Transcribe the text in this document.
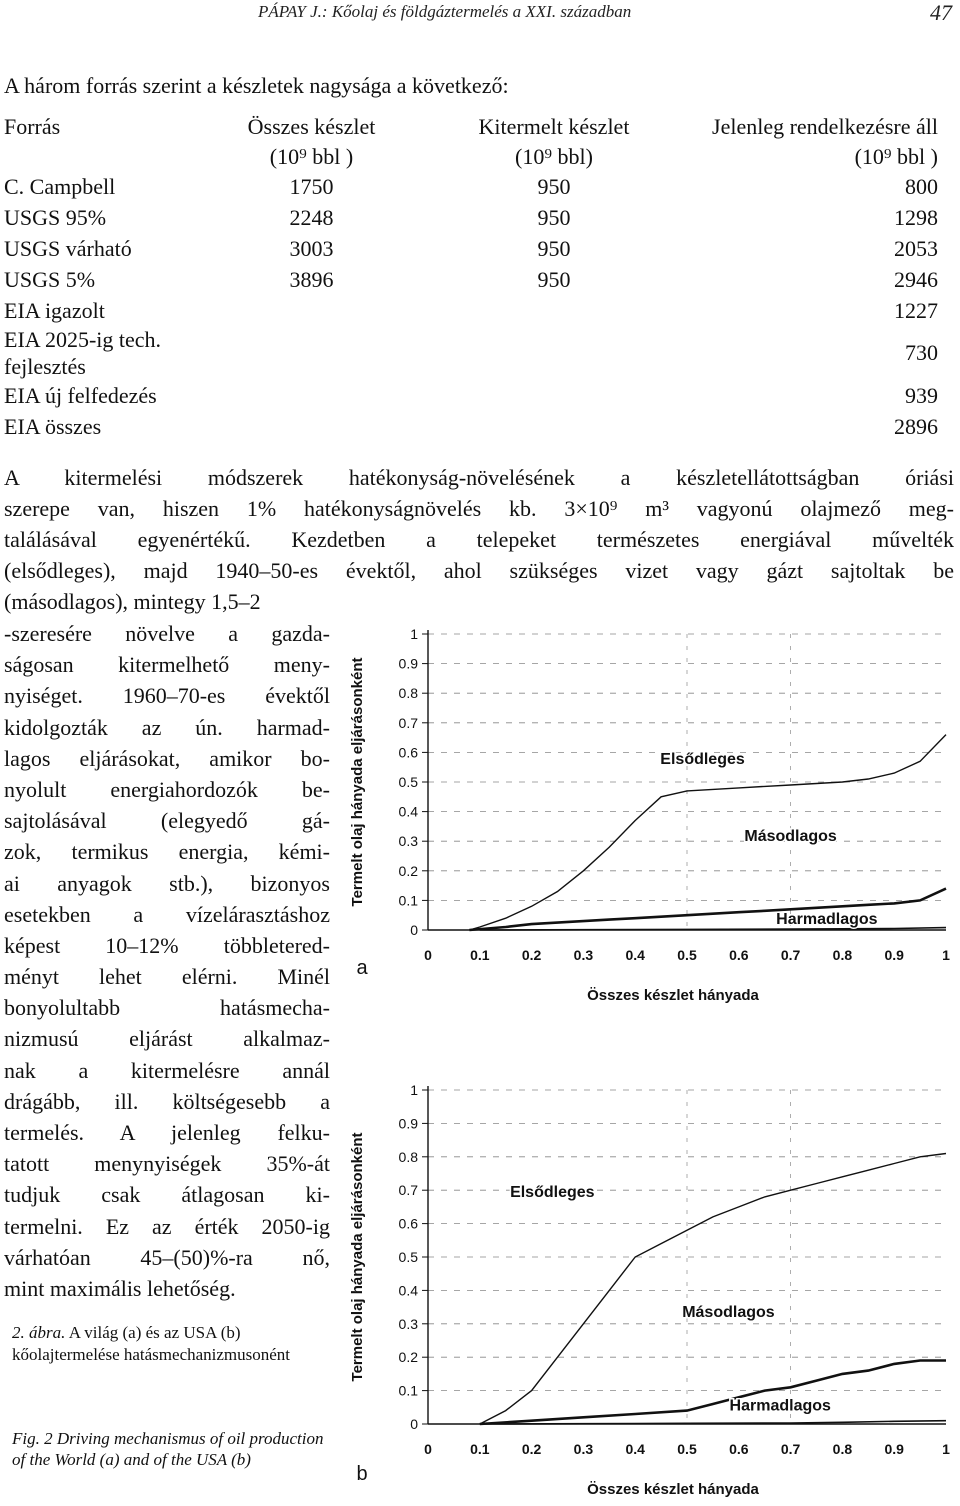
PÁPAY J.: Kőolaj és földgáztermelés a XXI. században	47
A három forrás szerint a készletek nagysága a következő:
Forrás	Összes készlet	Kitermelt készlet	Jelenleg rendelkezésre áll
	(10⁹ bbl )	(10⁹ bbl)	(10⁹ bbl )
C. Campbell	1750	950	800
USGS 95%	2248	950	1298
USGS várható	3003	950	2053
USGS 5%	3896	950	2946
EIA igazolt			1227
EIA 2025-ig tech. fejlesztés			730
EIA új felfedezés			939
EIA összes			2896
A kitermelési módszerek hatékonyság-növelésének a készletellátottságban óriási
szerepe van, hiszen 1% hatékonyságnövelés kb. 3×10⁹ m³ vagyonú olajmező meg-
találásával egyenértékű. Kezdetben a telepeket természetes energiával művelték
(elsődleges), majd 1940–50-es évektől, ahol szükséges vizet vagy gázt sajtoltak be
(másodlagos), mintegy 1,5–2
-szeresére növelve a gazda-
ságosan kitermelhető meny-
nyiséget. 1960–70-es évektől
kidolgozták az ún. harmad-
lagos eljárásokat, amikor bo-
nyolult energiahordozók be-
sajtolásával (elegyedő gá-
zok, termikus energia, kémi-
ai anyagok stb.), bizonyos
esetekben a vízelárasztáshoz
képest 10–12% többletered-
ményt lehet elérni. Minél
bonyolultabb hatásmecha-
nizmusú eljárást alkalmaz-
nak a kitermelésre annál
drágább, ill. költségesebb a
termelés. A jelenleg felku-
tatott menynyiségek 35%-át
tudjuk csak átlagosan ki-
termelni. Ez az érték 2050-ig
várhatóan 45–(50)%-ra nő,
mint maximális lehetőség.
2. ábra. A világ (a) és az USA (b) kőolajtermelése hatásmechanizmusonént
Fig. 2 Driving mechanismus of oil production of the World (a) and of the USA (b)
0
0.1
0.2
0.3
0.4
0.5
0.6
0.7
0.8
0.9
1
0	0.1 0.2 0.3 0.4 0.5 0.6 0.7 0.8 0.9	1
Összes készlet hányada
Termelt olaj hányada eljárásonként
a
Elsődleges
Másodlagos
Harmadlagos
0
0.1
0.2
0.3
0.4
0.5
0.6
0.7
0.8
0.9
1
0	0.1 0.2 0.3 0.4 0.5 0.6 0.7 0.8 0.9	1
Összes készlet hányada
Termelt olaj hányada eljárásonként
b
Elsődleges
Másodlagos
Harmadlagos
